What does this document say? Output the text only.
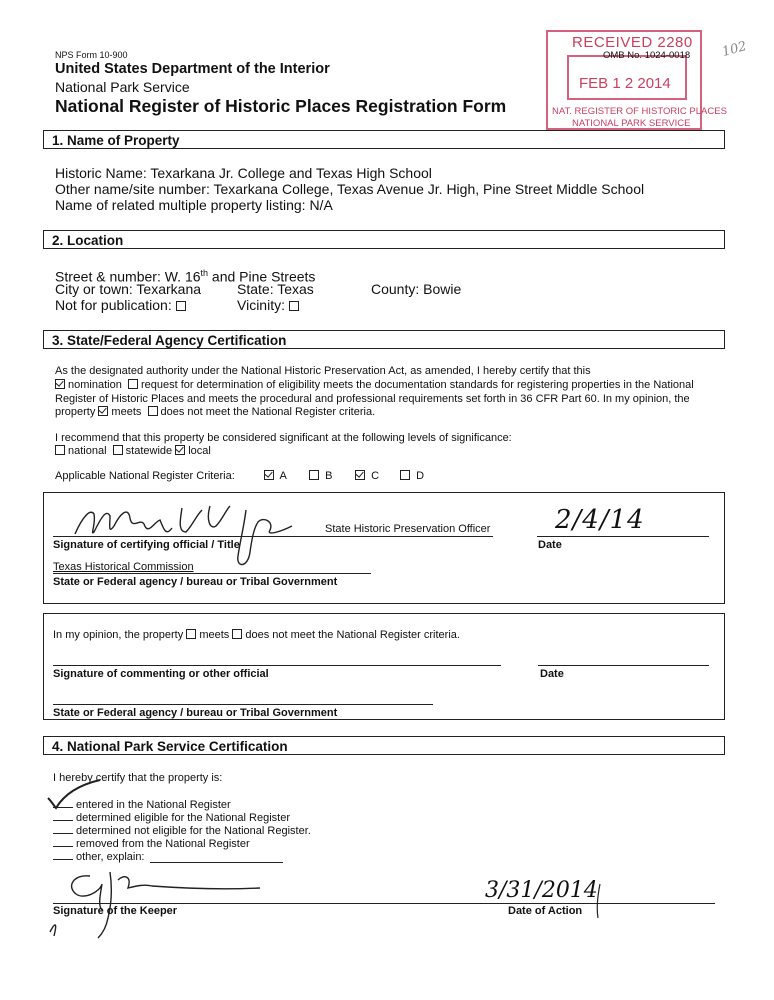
NPS Form 10-900
United States Department of the Interior
National Park Service
National Register of Historic Places Registration Form
RECEIVED 2280
FEB 1 2 2014
NAT. REGISTER OF HISTORIC PLACES
NATIONAL PARK SERVICE
OMB No. 1024-0018 102
1. Name of Property
Historic Name: Texarkana Jr. College and Texas High School
Other name/site number: Texarkana College, Texas Avenue Jr. High, Pine Street Middle School
Name of related multiple property listing: N/A
2. Location
Street & number: W. 16th and Pine Streets
City or town: Texarkana	State: Texas	County: Bowie
Not for publication:	Vicinity:
3. State/Federal Agency Certification
As the designated authority under the National Historic Preservation Act, as amended, I hereby certify that this
nomination request for determination of eligibility meets the documentation standards for registering properties in the National
Register of Historic Places and meets the procedural and professional requirements set forth in 36 CFR Part 60. In my opinion, the
property meets does not meet the National Register criteria.
I recommend that this property be considered significant at the following levels of significance:
national statewide local
Applicable National Register Criteria:	A	B	C	D
State Historic Preservation Officer 2/4/14
Signature of certifying official / Title	Date
Texas Historical Commission
State or Federal agency / bureau or Tribal Government
In my opinion, the property meets does not meet the National Register criteria.
Signature of commenting or other official	Date
State or Federal agency / bureau or Tribal Government
4. National Park Service Certification
I hereby certify that the property is:
entered in the National Register
determined eligible for the National Register
determined not eligible for the National Register.
removed from the National Register
other, explain:
3/31/2014
Signature of the Keeper	Date of Action
